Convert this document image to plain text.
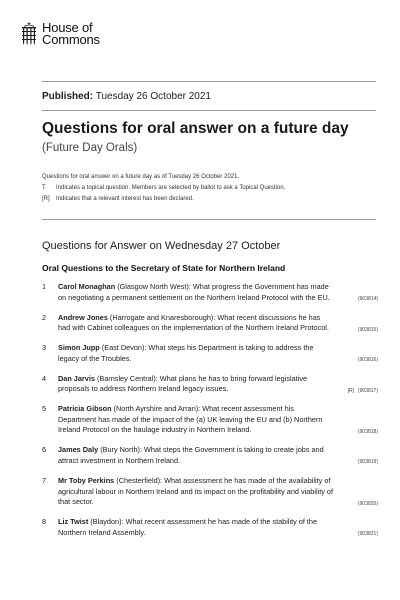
House of
Commons
Published: Tuesday 26 October 2021
Questions for oral answer on a future day
(Future Day Orals)
Questions for oral answer on a future day as of Tuesday 26 October 2021.
T	Indicates a topical question. Members are selected by ballot to ask a Topical Question.
[R]	Indicates that a relevant interest has been declared.
Questions for Answer on Wednesday 27 October
Oral Questions to the Secretary of State for Northern Ireland
1	Carol Monaghan (Glasgow North West): What progress the Government has made on negotiating a permanent settlement on the Northern Ireland Protocol with the EU.	(903814)
2	Andrew Jones (Harrogate and Knaresborough): What recent discussions he has had with Cabinet colleagues on the implementation of the Northern Ireland Protocol.	(903815)
3	Simon Jupp (East Devon): What steps his Department is taking to address the legacy of the Troubles.	(903816)
4	Dan Jarvis (Barnsley Central): What plans he has to bring forward legislative proposals to address Northern Ireland legacy issues.	[R] (903817)
5	Patricia Gibson (North Ayrshire and Arran): What recent assessment his Department has made of the impact of the (a) UK leaving the EU and (b) Northern Ireland Protocol on the haulage industry in Northern Ireland.	(903818)
6	James Daly (Bury North): What steps the Government is taking to create jobs and attract investment in Northern Ireland.	(903819)
7	Mr Toby Perkins (Chesterfield): What assessment he has made of the availability of agricultural labour in Northern Ireland and its impact on the profitability and viability of that sector.	(903820)
8	Liz Twist (Blaydon): What recent assessment he has made of the stability of the Northern Ireland Assembly.	(903821)
